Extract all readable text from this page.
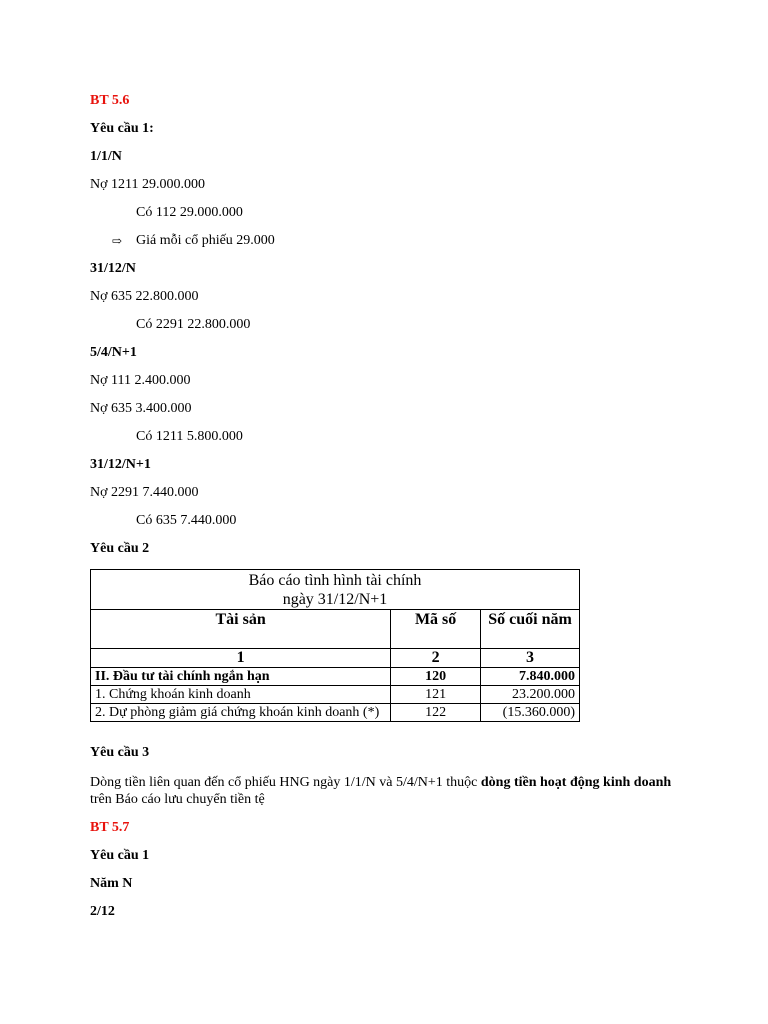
BT 5.6
Yêu cầu 1:
1/1/N
Nợ 1211 29.000.000
Có 112 29.000.000
⇨ Giá mỗi cổ phiếu 29.000
31/12/N
Nợ 635 22.800.000
Có 2291 22.800.000
5/4/N+1
Nợ 111 2.400.000
Nợ 635 3.400.000
Có 1211 5.800.000
31/12/N+1
Nợ 2291 7.440.000
Có 635 7.440.000
Yêu cầu 2
Báo cáo tình hình tài chính
ngày 31/12/N+1		

Tài sản	Mã số	Số cuối năm
1	2	3
II. Đầu tư tài chính ngắn hạn	120	7.840.000
1. Chứng khoán kinh doanh	121	23.200.000
2. Dự phòng giảm giá chứng khoán kinh doanh (*)	122	(15.360.000)
Yêu cầu 3
Dòng tiền liên quan đến cổ phiếu HNG ngày 1/1/N và 5/4/N+1 thuộc dòng tiền hoạt động kinh doanh
trên Báo cáo lưu chuyển tiền tệ
BT 5.7
Yêu cầu 1
Năm N
2/12
